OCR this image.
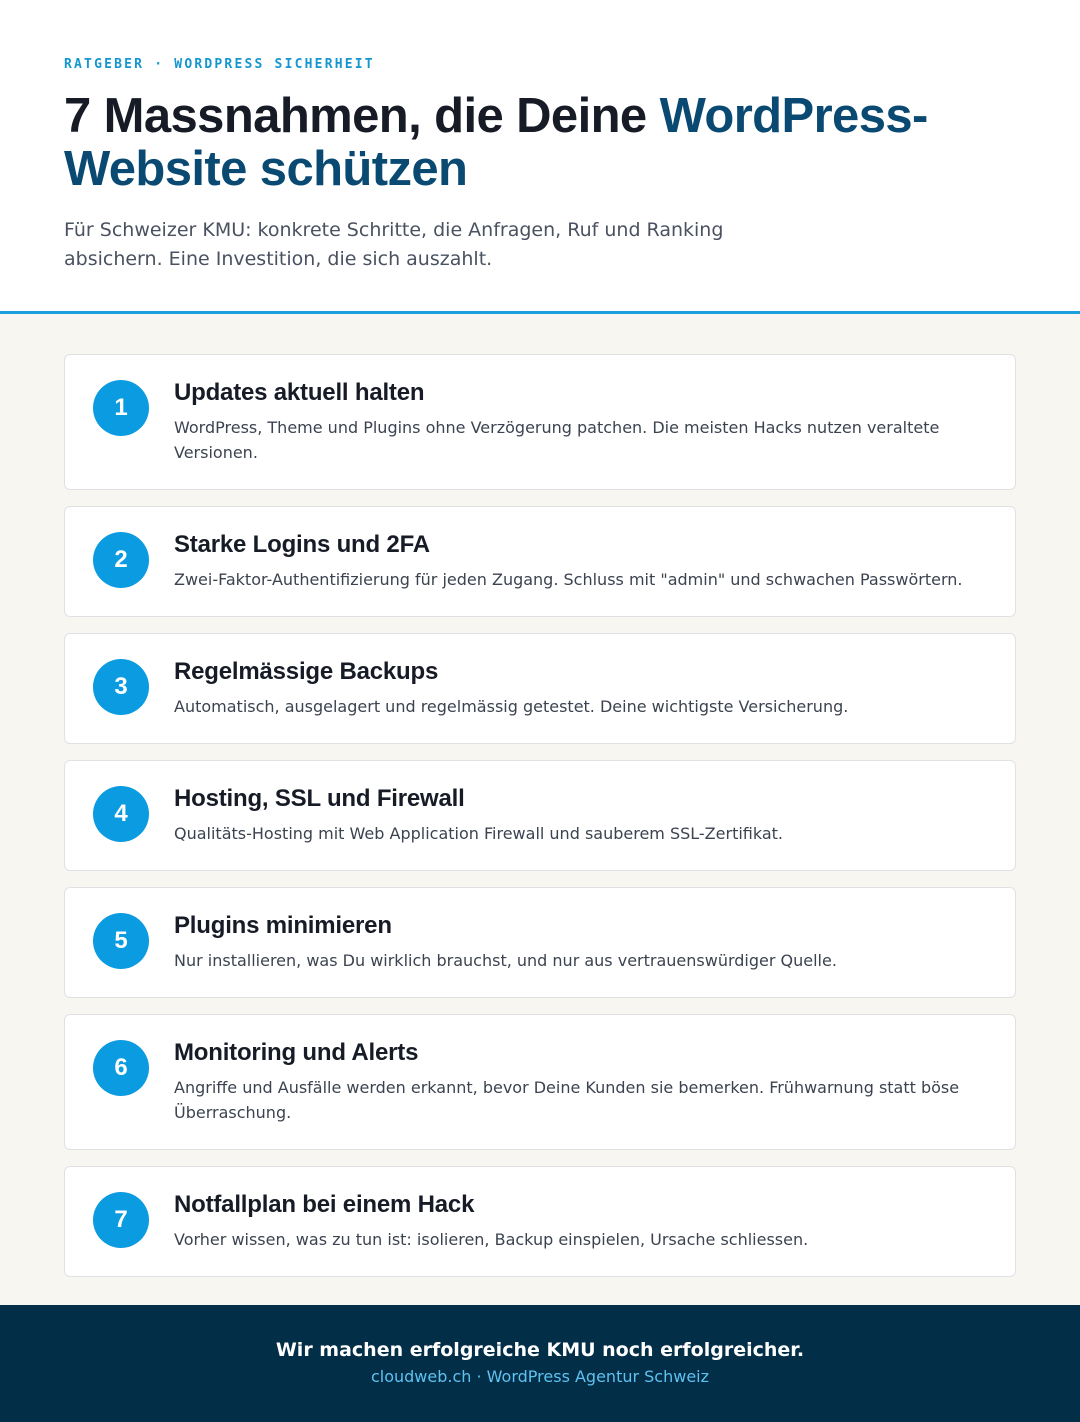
RATGEBER · WORDPRESS SICHERHEIT
7 Massnahmen, die Deine WordPress-Website schützen

Für Schweizer KMU: konkrete Schritte, die Anfragen, Ruf und Ranking absichern. Eine Investition, die sich auszahlt.

1
Updates aktuell halten

WordPress, Theme und Plugins ohne Verzögerung patchen. Die meisten Hacks nutzen veraltete Versionen.

2
Starke Logins und 2FA

Zwei-Faktor-Authentifizierung für jeden Zugang. Schluss mit "admin" und schwachen Passwörtern.

3
Regelmässige Backups

Automatisch, ausgelagert und regelmässig getestet. Deine wichtigste Versicherung.

4
Hosting, SSL und Firewall

Qualitäts-Hosting mit Web Application Firewall und sauberem SSL-Zertifikat.

5
Plugins minimieren

Nur installieren, was Du wirklich brauchst, und nur aus vertrauenswürdiger Quelle.

6
Monitoring und Alerts

Angriffe und Ausfälle werden erkannt, bevor Deine Kunden sie bemerken. Frühwarnung statt böse Überraschung.

7
Notfallplan bei einem Hack

Vorher wissen, was zu tun ist: isolieren, Backup einspielen, Ursache schliessen.

Wir machen erfolgreiche KMU noch erfolgreicher.
cloudweb.ch · WordPress Agentur Schweiz
